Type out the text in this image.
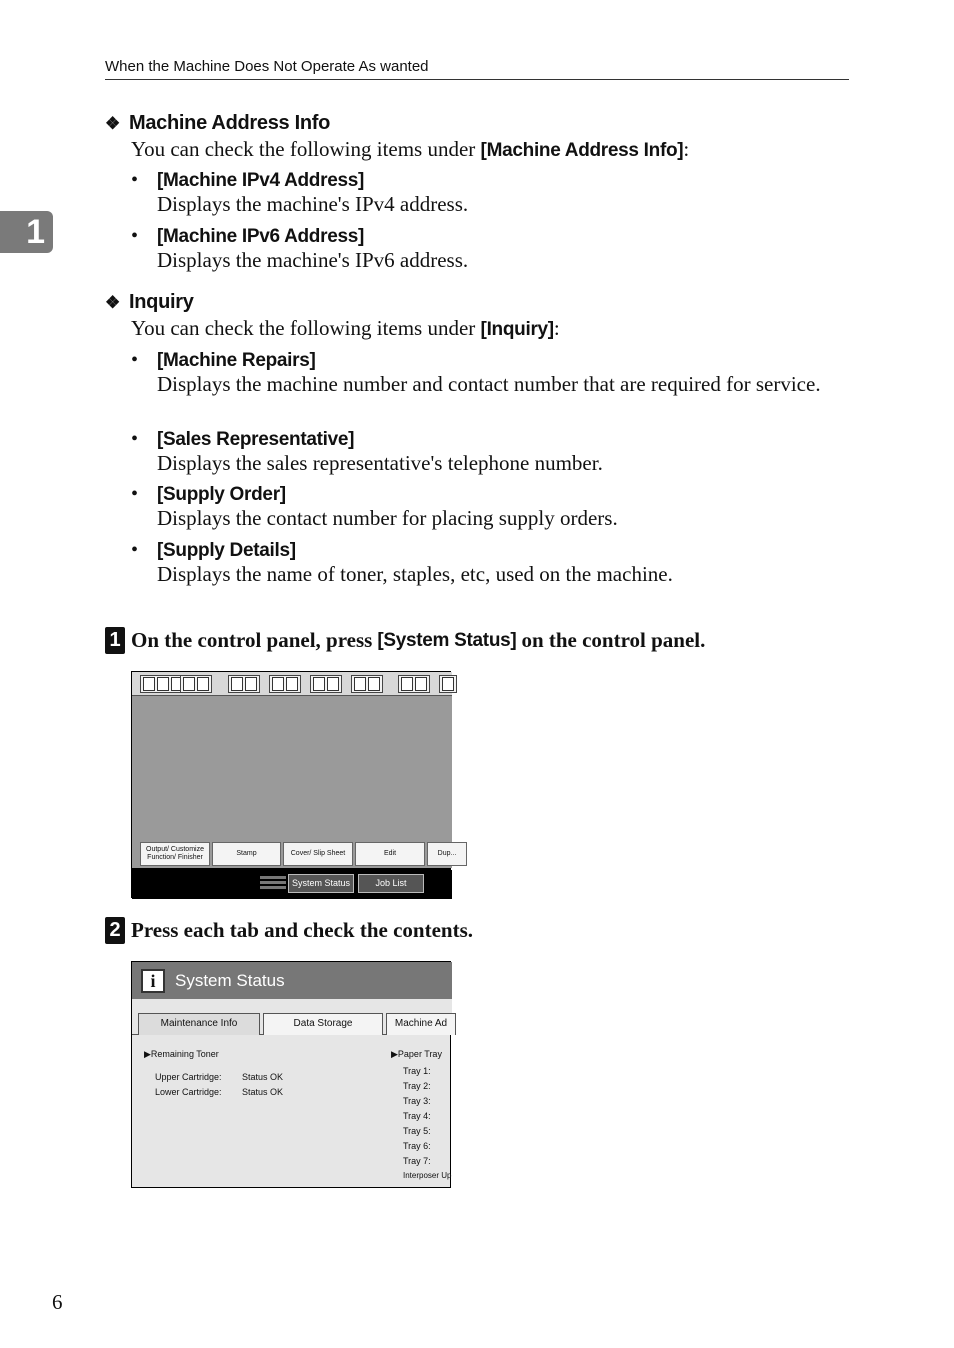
When the Machine Does Not Operate As wanted
1
❖ Machine Address Info
You can check the following items under [Machine Address Info]:
• [Machine IPv4 Address]
Displays the machine's IPv4 address.
• [Machine IPv6 Address]
Displays the machine's IPv6 address.
❖ Inquiry
You can check the following items under [Inquiry]:
• [Machine Repairs]
Displays the machine number and contact number that are required for service.
• [Sales Representative]
Displays the sales representative's telephone number.
• [Supply Order]
Displays the contact number for placing supply orders.
• [Supply Details]
Displays the name of toner, staples, etc, used on the machine.
1 On the control panel, press [System Status] on the control panel.
Output/ Customize Function/ Finisher
Stamp	Cover/ Slip Sheet	Edit	Dup...
System Status	Job List
2 Press each tab and check the contents.
i	System Status
Maintenance Info	Data Storage	Machine Ad
▶Remaining Toner
Upper Cartridge: Status OK
Lower Cartridge: Status OK
▶Paper Tray
Tray 1:
Tray 2:
Tray 3:
Tray 4:
Tray 5:
Tray 6:
Tray 7:
Interposer Up
6
